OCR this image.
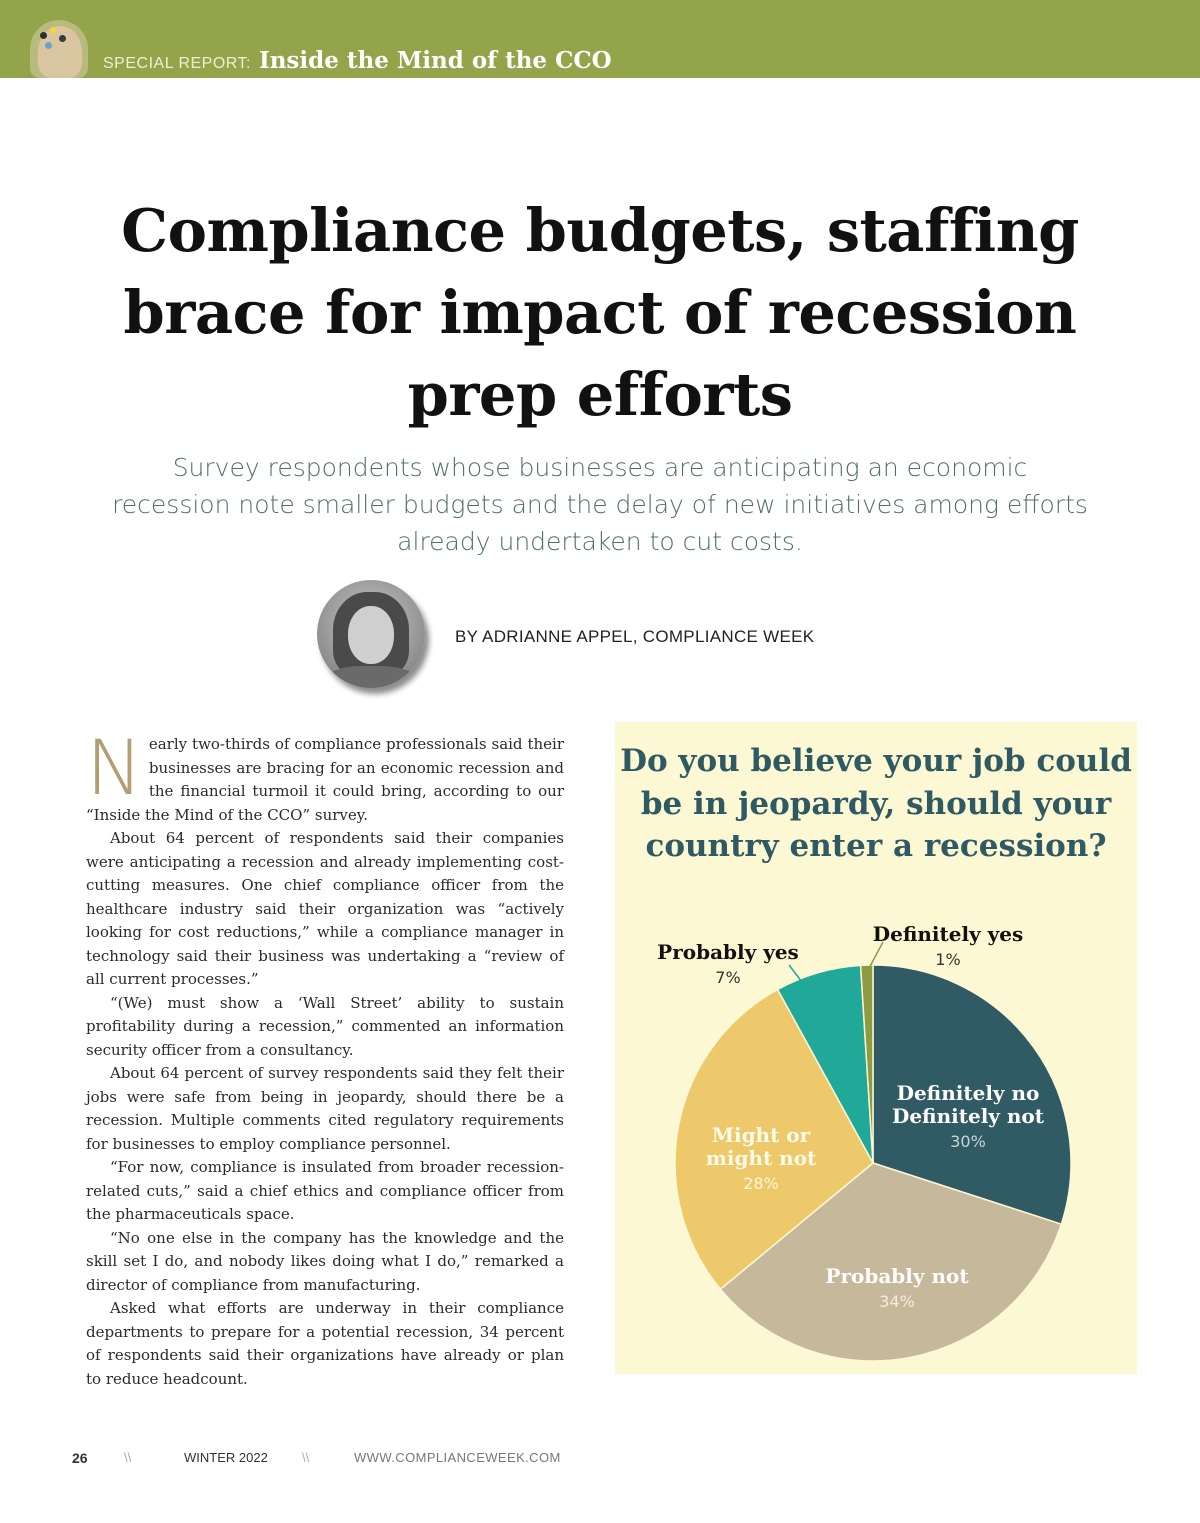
SPECIAL REPORT: Inside the Mind of the CCO
Compliance budgets, staffing brace for impact of recession prep efforts

Survey respondents whose businesses are anticipating an economic recession note smaller budgets and the delay of new initiatives among efforts already undertaken to cut costs.

BY ADRIANNE APPEL, COMPLIANCE WEEK

Nearly two-thirds of compliance professionals said their businesses are bracing for an economic recession and the financial turmoil it could bring, according to our “Inside the Mind of the CCO” survey.

About 64 percent of respondents said their companies were anticipating a recession and already implementing cost-cutting measures. One chief compliance officer from the healthcare industry said their organization was “actively looking for cost reductions,” while a compliance manager in technology said their business was undertaking a “review of all current processes.”

“(We) must show a ‘Wall Street’ ability to sustain profitability during a recession,” commented an information security officer from a consultancy.

About 64 percent of survey respondents said they felt their jobs were safe from being in jeopardy, should there be a recession. Multiple comments cited regulatory requirements for businesses to employ compliance personnel.

“For now, compliance is insulated from broader recession-related cuts,” said a chief ethics and compliance officer from the pharmaceuticals space.

“No one else in the company has the knowledge and the skill set I do, and nobody likes doing what I do,” remarked a director of compliance from manufacturing.

Asked what efforts are underway in their compliance departments to prepare for a potential recession, 34 percent of respondents said their organizations have already or plan to reduce headcount.

Do you believe your job could be in jeopardy, should your country enter a recession?
Definitely no Definitely not
30%
Probably not
34%
Might or might not
28%
Probably yes
7%
Definitely yes
1%
26	\\	WINTER 2022	\\	WWW.COMPLIANCEWEEK.COM
